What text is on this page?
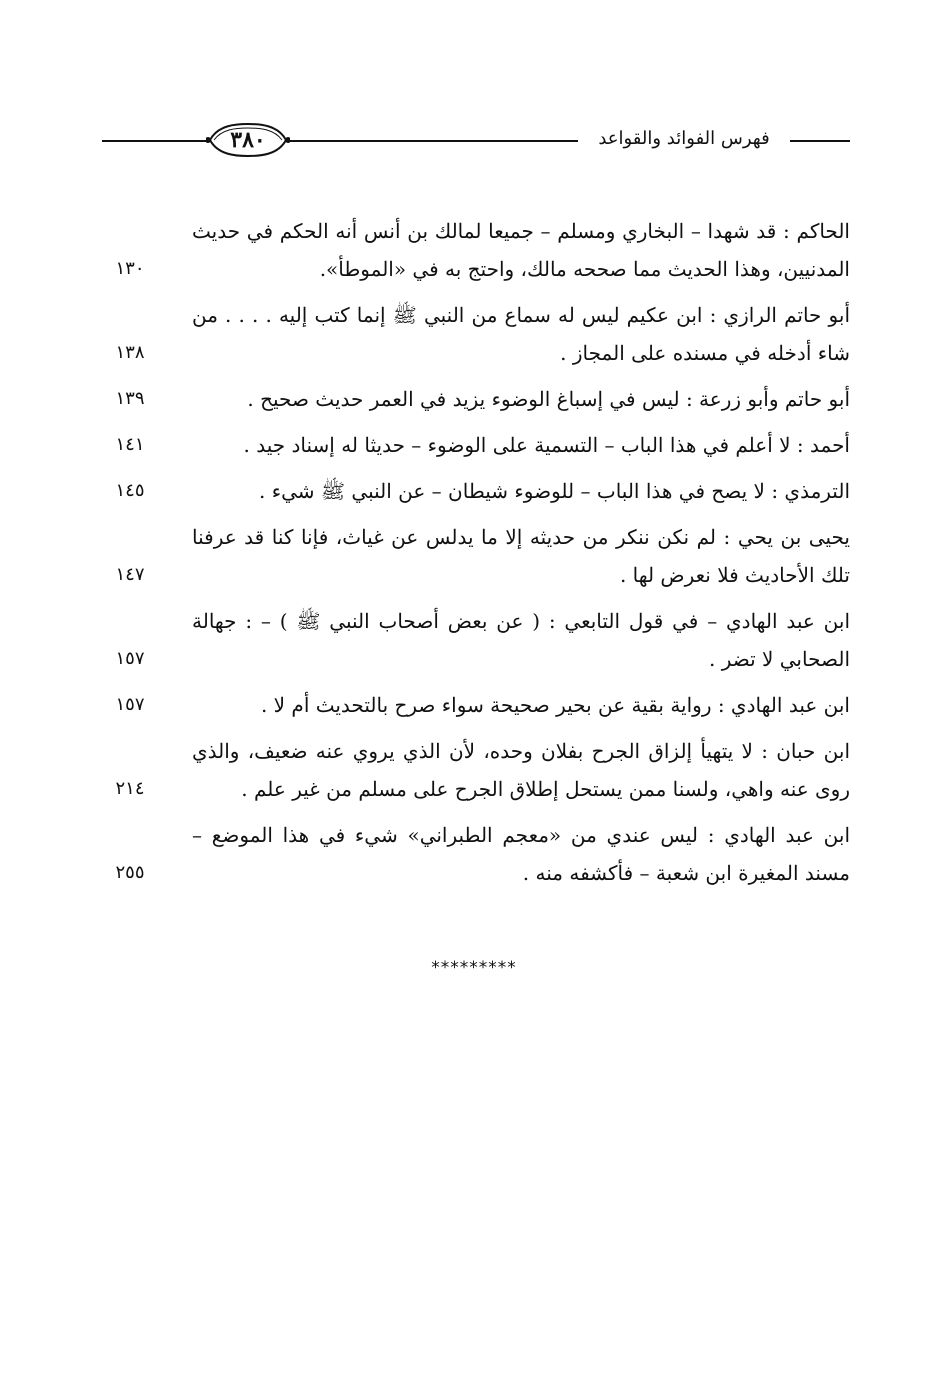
٣٨٠	فهرس الفوائد والقواعد
الحاكم : قد شهدا – البخاري ومسلم – جميعا لمالك بن أنس أنه الحكم في حديث المدنيين، وهذا الحديث مما صححه مالك، واحتج به في «الموطأ».
١٣٠
أبو حاتم الرازي : ابن عكيم ليس له سماع من النبي ﷺ إنما كتب إليه . . . . من شاء أدخله في مسنده على المجاز .
١٣٨
أبو حاتم وأبو زرعة : ليس في إسباغ الوضوء يزيد في العمر حديث صحيح .
١٣٩
أحمد : لا أعلم في هذا الباب – التسمية على الوضوء – حديثا له إسناد جيد .
١٤١
الترمذي : لا يصح في هذا الباب – للوضوء شيطان – عن النبي ﷺ شيء .
١٤٥
يحيى بن يحي : لم نكن ننكر من حديثه إلا ما يدلس عن غياث، فإنا كنا قد عرفنا تلك الأحاديث فلا نعرض لها .
١٤٧
ابن عبد الهادي – في قول التابعي : ( عن بعض أصحاب النبي ﷺ ) – : جهالة الصحابي لا تضر .
١٥٧
ابن عبد الهادي : رواية بقية عن بحير صحيحة سواء صرح بالتحديث أم لا .
١٥٧
ابن حبان : لا يتهيأ إلزاق الجرح بفلان وحده، لأن الذي يروي عنه ضعيف، والذي روى عنه واهي، ولسنا ممن يستحل إطلاق الجرح على مسلم من غير علم .
٢١٤
ابن عبد الهادي : ليس عندي من «معجم الطبراني» شيء في هذا الموضع – مسند المغيرة ابن شعبة – فأكشفه منه .
٢٥٥
*********
